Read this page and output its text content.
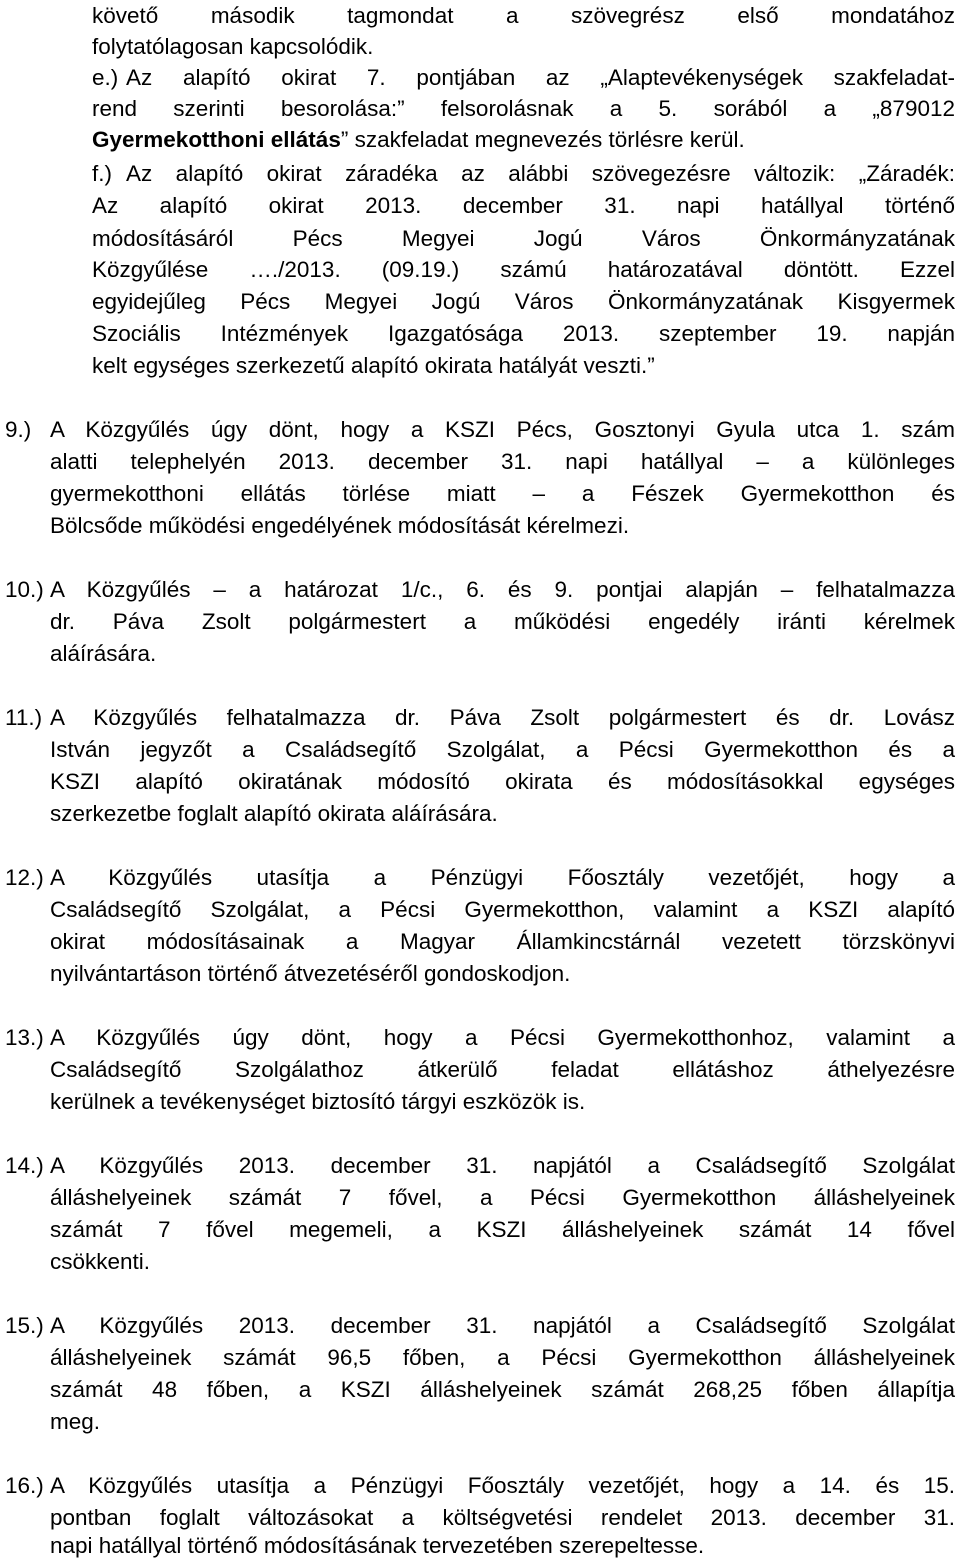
követő második tagmondat a szövegrész első mondatához
folytatólagosan kapcsolódik.
e.) Az alapító okirat 7. pontjában az „Alaptevékenységek szakfeladat-
rend szerinti besorolása:” felsorolásnak a 5. sorából a „879012
Gyermekotthoni ellátás” szakfeladat megnevezés törlésre kerül.
f.) Az alapító okirat záradéka az alábbi szövegezésre változik: „Záradék:
Az alapító okirat 2013. december 31. napi hatállyal történő
módosításáról Pécs Megyei Jogú Város Önkormányzatának
Közgyűlése …./2013. (09.19.) számú határozatával döntött. Ezzel
egyidejűleg Pécs Megyei Jogú Város Önkormányzatának Kisgyermek
Szociális Intézmények Igazgatósága 2013. szeptember 19. napján
kelt egységes szerkezetű alapító okirata hatályát veszti.”
9.) A Közgyűlés úgy dönt, hogy a KSZI Pécs, Gosztonyi Gyula utca 1. szám
alatti telephelyén 2013. december 31. napi hatállyal – a különleges
gyermekotthoni ellátás törlése miatt – a Fészek Gyermekotthon és
Bölcsőde működési engedélyének módosítását kérelmezi.
10.) A Közgyűlés – a határozat 1/c., 6. és 9. pontjai alapján – felhatalmazza
dr. Páva Zsolt polgármestert a működési engedély iránti kérelmek
aláírására.
11.) A Közgyűlés felhatalmazza dr. Páva Zsolt polgármestert és dr. Lovász
István jegyzőt a Családsegítő Szolgálat, a Pécsi Gyermekotthon és a
KSZI alapító okiratának módosító okirata és módosításokkal egységes
szerkezetbe foglalt alapító okirata aláírására.
12.) A Közgyűlés utasítja a Pénzügyi Főosztály vezetőjét, hogy a
Családsegítő Szolgálat, a Pécsi Gyermekotthon, valamint a KSZI alapító
okirat módosításainak a Magyar Államkincstárnál vezetett törzskönyvi
nyilvántartáson történő átvezetéséről gondoskodjon.
13.) A Közgyűlés úgy dönt, hogy a Pécsi Gyermekotthonhoz, valamint a
Családsegítő Szolgálathoz átkerülő feladat ellátáshoz áthelyezésre
kerülnek a tevékenységet biztosító tárgyi eszközök is.
14.) A Közgyűlés 2013. december 31. napjától a Családsegítő Szolgálat
álláshelyeinek számát 7 fővel, a Pécsi Gyermekotthon álláshelyeinek
számát 7 fővel megemeli, a KSZI álláshelyeinek számát 14 fővel
csökkenti.
15.) A Közgyűlés 2013. december 31. napjától a Családsegítő Szolgálat
álláshelyeinek számát 96,5 főben, a Pécsi Gyermekotthon álláshelyeinek
számát 48 főben, a KSZI álláshelyeinek számát 268,25 főben állapítja
meg.
16.) A Közgyűlés utasítja a Pénzügyi Főosztály vezetőjét, hogy a 14. és 15.
pontban foglalt változásokat a költségvetési rendelet 2013. december 31.
napi hatállyal történő módosításának tervezetében szerepeltesse.
